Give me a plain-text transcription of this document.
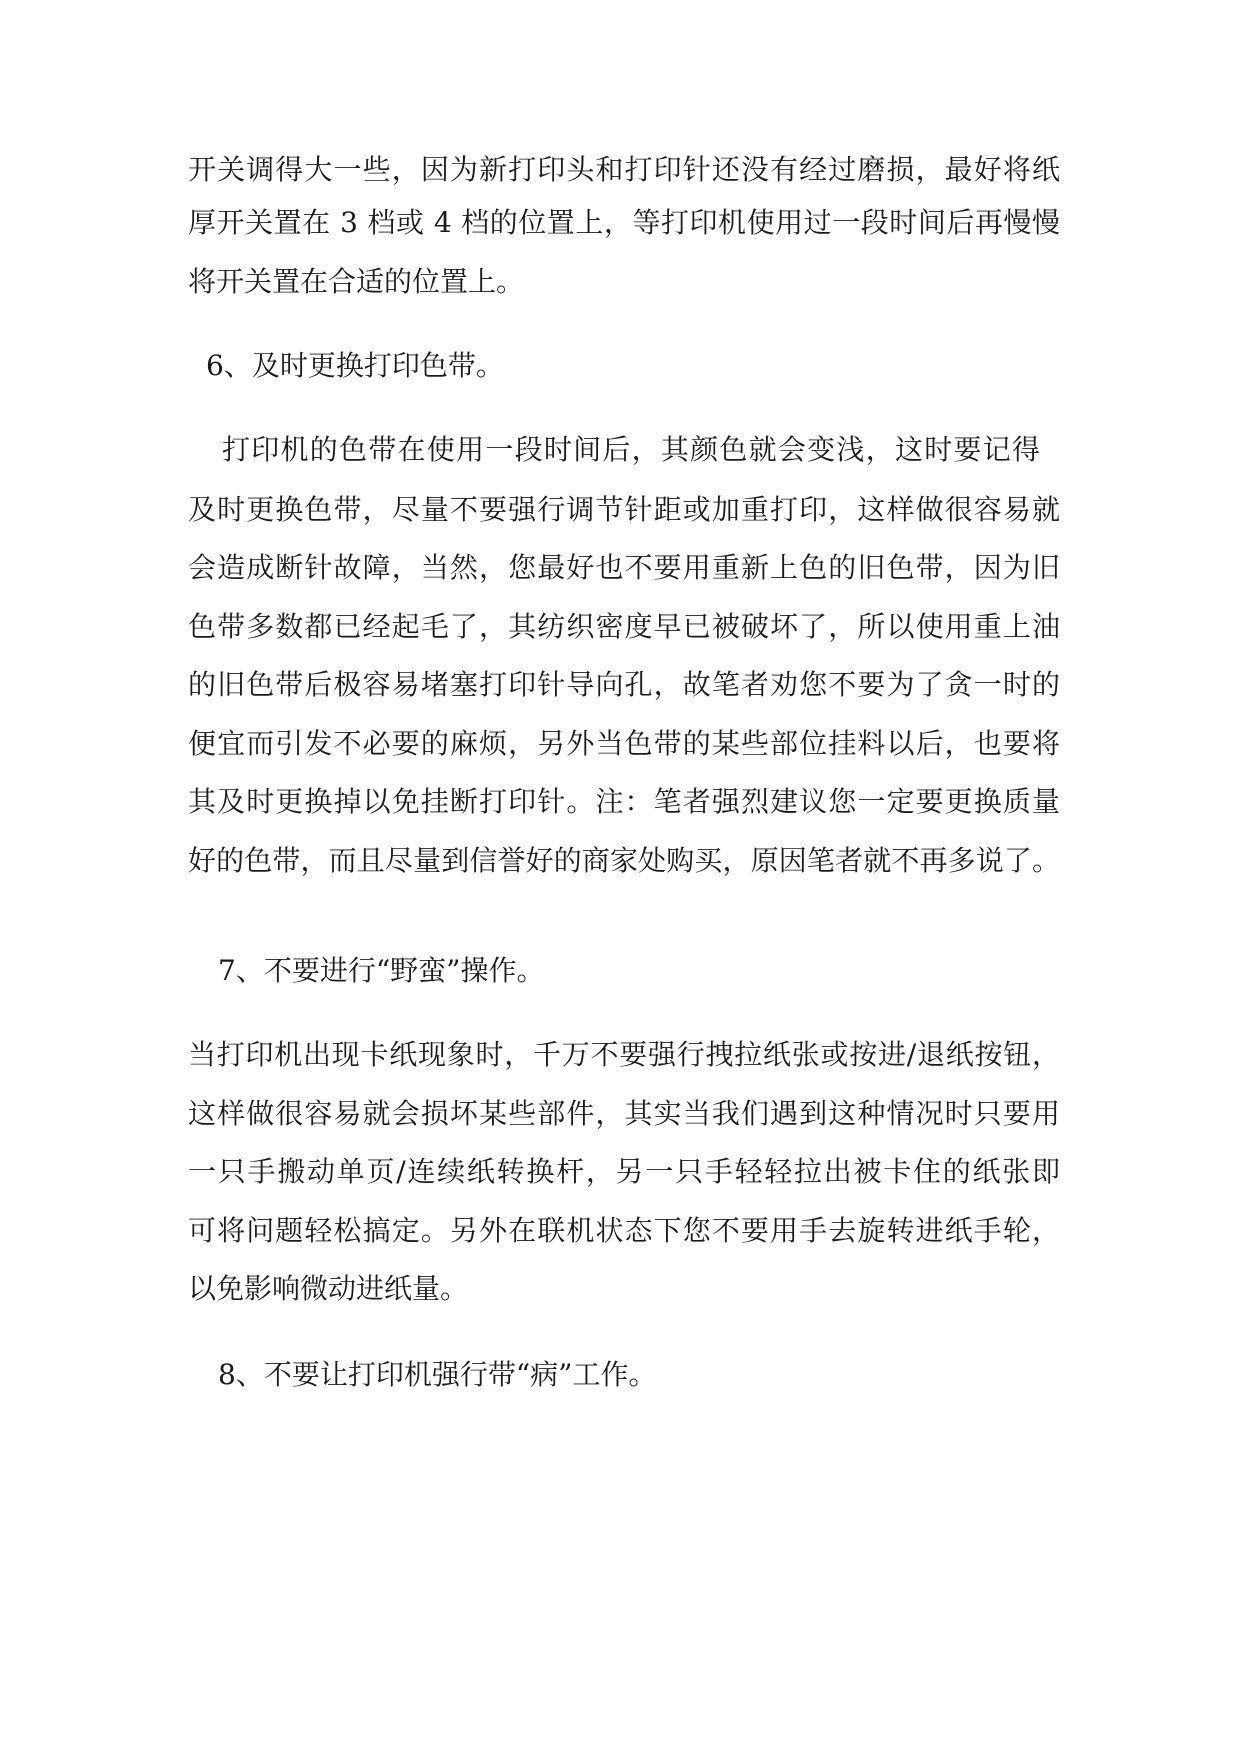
开关调得大一些，因为新打印头和打印针还没有经过磨损，最好将纸
厚开关置在 3 档或 4 档的位置上，等打印机使用过一段时间后再慢慢
将开关置在合适的位置上。
6、及时更换打印色带。
打印机的色带在使用一段时间后，其颜色就会变浅，这时要记得
及时更换色带，尽量不要强行调节针距或加重打印，这样做很容易就
会造成断针故障，当然，您最好也不要用重新上色的旧色带，因为旧
色带多数都已经起毛了，其纺织密度早已被破坏了，所以使用重上油
的旧色带后极容易堵塞打印针导向孔，故笔者劝您不要为了贪一时的
便宜而引发不必要的麻烦，另外当色带的某些部位挂料以后，也要将
其及时更换掉以免挂断打印针。注：笔者强烈建议您一定要更换质量
好的色带，而且尽量到信誉好的商家处购买，原因笔者就不再多说了。
7、不要进行“野蛮”操作。
当打印机出现卡纸现象时，千万不要强行拽拉纸张或按进/退纸按钮，
这样做很容易就会损坏某些部件，其实当我们遇到这种情况时只要用
一只手搬动单页/连续纸转换杆，另一只手轻轻拉出被卡住的纸张即
可将问题轻松搞定。另外在联机状态下您不要用手去旋转进纸手轮，
以免影响微动进纸量。
8、不要让打印机强行带“病”工作。
